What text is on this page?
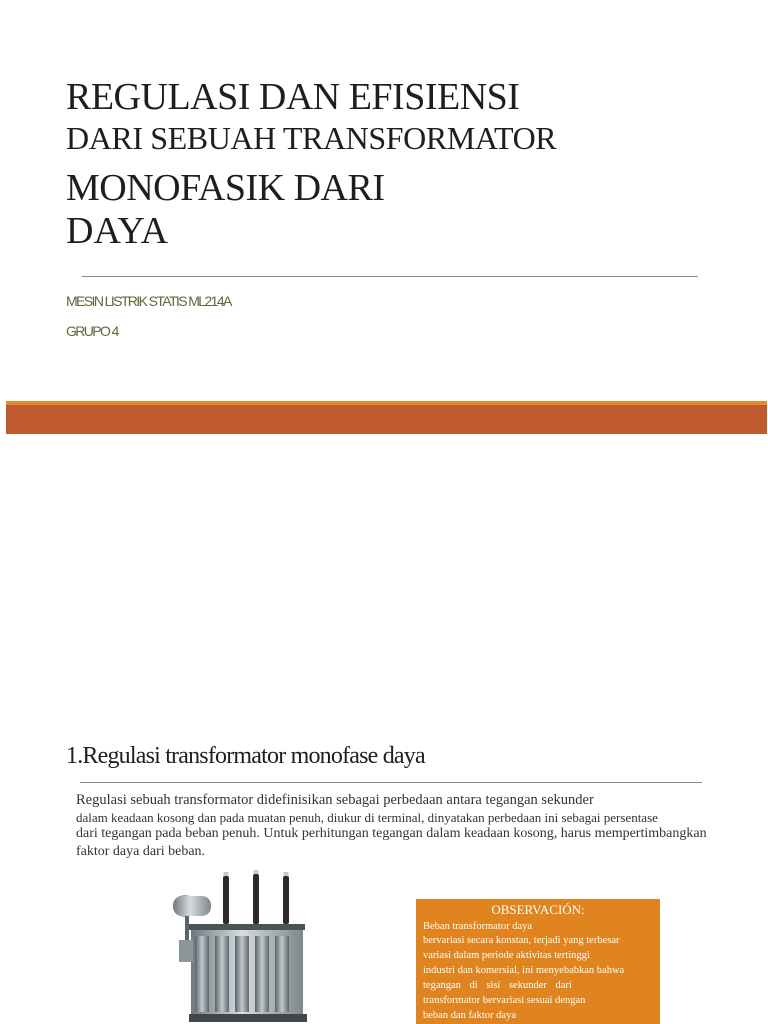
REGULASI DAN EFISIENSI
DARI SEBUAH TRANSFORMATOR
MONOFASIK DARI
DAYA
MESIN LISTRIK STATIS ML214A
GRUPO 4
1.Regulasi transformator monofase daya
Regulasi sebuah transformator didefinisikan sebagai perbedaan antara tegangan sekunder
dalam keadaan kosong dan pada muatan penuh, diukur di terminal, dinyatakan perbedaan ini sebagai persentase
dari tegangan pada beban penuh. Untuk perhitungan tegangan dalam keadaan kosong, harus mempertimbangkan
faktor daya dari beban.
OBSERVACIÓN:
Beban transformator daya
bervariasi secara konstan, terjadi yang terbesar
variasi dalam periode aktivitas tertinggi
industri dan komersial, ini menyebabkan bahwa
tegangan di sisi sekunder dari
transformator bervariasi sesuai dengan
beban dan faktor daya
